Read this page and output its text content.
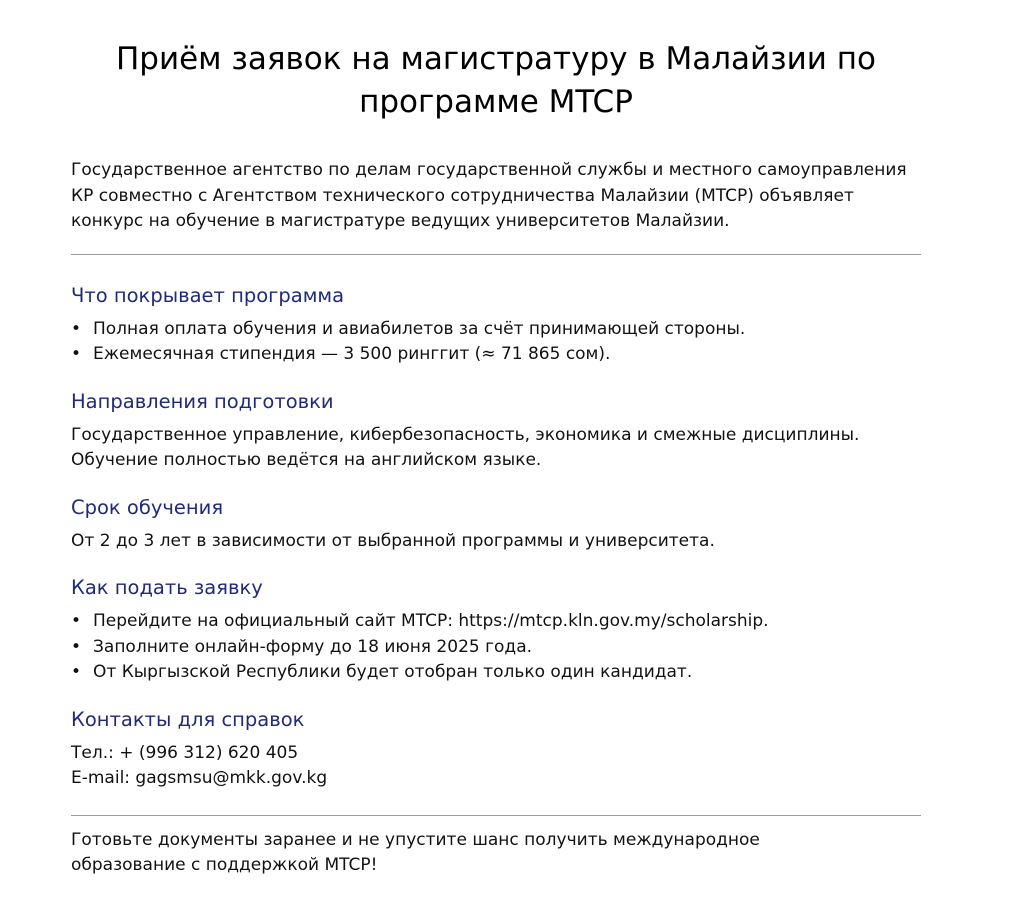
Приём заявок на магистратуру в Малайзии по программе MTCP

Государственное агентство по делам государственной службы и местного самоуправления КР совместно с Агентством технического сотрудничества Малайзии (MTCP) объявляет конкурс на обучение в магистратуре ведущих университетов Малайзии.

Что покрывает программа
• Полная оплата обучения и авиабилетов за счёт принимающей стороны.
• Ежемесячная стипендия — 3 500 ринггит (≈ 71 865 сом).
Направления подготовки

Государственное управление, кибербезопасность, экономика и смежные дисциплины. Обучение полностью ведётся на английском языке.

Срок обучения

От 2 до 3 лет в зависимости от выбранной программы и университета.

Как подать заявку
• Перейдите на официальный сайт MTCP: https://mtcp.kln.gov.my/scholarship.
• Заполните онлайн-форму до 18 июня 2025 года.
• От Кыргызской Республики будет отобран только один кандидат.
Контакты для справок

Тел.: + (996 312) 620 405
E-mail: gagsmsu@mkk.gov.kg

Готовьте документы заранее и не упустите шанс получить международное образование с поддержкой MTCP!
